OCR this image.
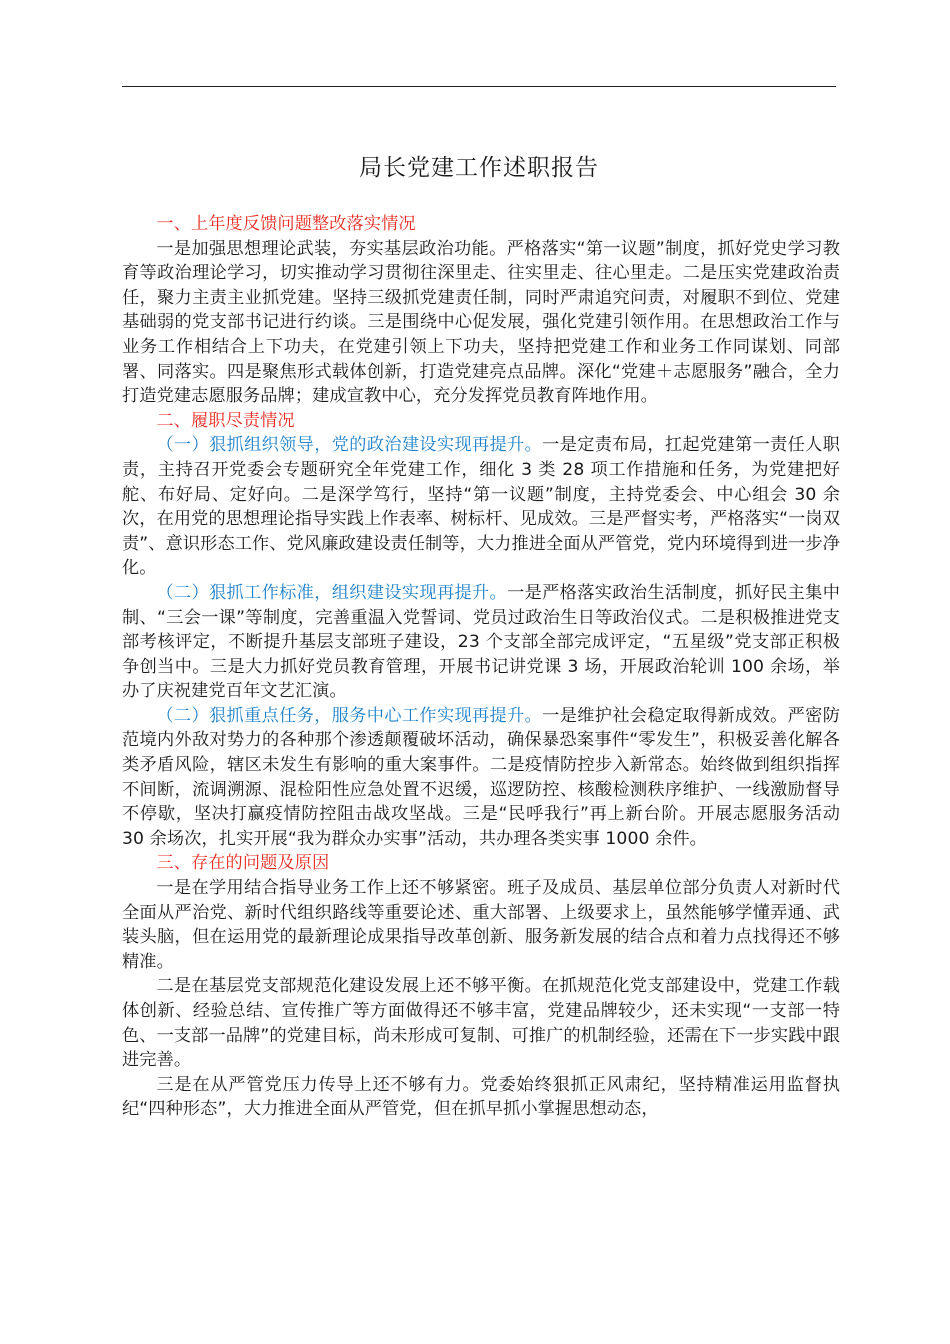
局长党建工作述职报告
一、上年度反馈问题整改落实情况

一是加强思想理论武装，夯实基层政治功能。严格落实“第一议题”制度，抓好党史学习教育等政治理论学习，切实推动学习贯彻往深里走、往实里走、往心里走。二是压实党建政治责任，聚力主责主业抓党建。坚持三级抓党建责任制，同时严肃追究问责，对履职不到位、党建基础弱的党支部书记进行约谈。三是围绕中心促发展，强化党建引领作用。在思想政治工作与业务工作相结合上下功夫，在党建引领上下功夫，坚持把党建工作和业务工作同谋划、同部署、同落实。四是聚焦形式载体创新，打造党建亮点品牌。深化“党建＋志愿服务”融合，全力打造党建志愿服务品牌；建成宣教中心，充分发挥党员教育阵地作用。

二、履职尽责情况

（一）狠抓组织领导，党的政治建设实现再提升。一是定责布局，扛起党建第一责任人职责，主持召开党委会专题研究全年党建工作，细化 3 类 28 项工作措施和任务，为党建把好舵、布好局、定好向。二是深学笃行，坚持“第一议题”制度，主持党委会、中心组会 30 余次，在用党的思想理论指导实践上作表率、树标杆、见成效。三是严督实考，严格落实“一岗双责”、意识形态工作、党风廉政建设责任制等，大力推进全面从严管党，党内环境得到进一步净化。

（二）狠抓工作标准，组织建设实现再提升。一是严格落实政治生活制度，抓好民主集中制、“三会一课”等制度，完善重温入党誓词、党员过政治生日等政治仪式。二是积极推进党支部考核评定，不断提升基层支部班子建设，23 个支部全部完成评定，“五星级”党支部正积极争创当中。三是大力抓好党员教育管理，开展书记讲党课 3 场，开展政治轮训 100 余场，举办了庆祝建党百年文艺汇演。

（二）狠抓重点任务，服务中心工作实现再提升。一是维护社会稳定取得新成效。严密防范境内外敌对势力的各种那个渗透颠覆破坏活动，确保暴恐案事件“零发生”，积极妥善化解各类矛盾风险，辖区未发生有影响的重大案事件。二是疫情防控步入新常态。始终做到组织指挥不间断，流调溯源、混检阳性应急处置不迟缓，巡逻防控、核酸检测秩序维护、一线激励督导不停歇，坚决打赢疫情防控阻击战攻坚战。三是“民呼我行”再上新台阶。开展志愿服务活动 30 余场次，扎实开展“我为群众办实事”活动，共办理各类实事 1000 余件。

三、存在的问题及原因

一是在学用结合指导业务工作上还不够紧密。班子及成员、基层单位部分负责人对新时代全面从严治党、新时代组织路线等重要论述、重大部署、上级要求上，虽然能够学懂弄通、武装头脑，但在运用党的最新理论成果指导改革创新、服务新发展的结合点和着力点找得还不够精准。

二是在基层党支部规范化建设发展上还不够平衡。在抓规范化党支部建设中，党建工作载体创新、经验总结、宣传推广等方面做得还不够丰富，党建品牌较少，还未实现“一支部一特色、一支部一品牌”的党建目标，尚未形成可复制、可推广的机制经验，还需在下一步实践中跟进完善。

三是在从严管党压力传导上还不够有力。党委始终狠抓正风肃纪，坚持精准运用监督执纪“四种形态”，大力推进全面从严管党，但在抓早抓小掌握思想动态，
